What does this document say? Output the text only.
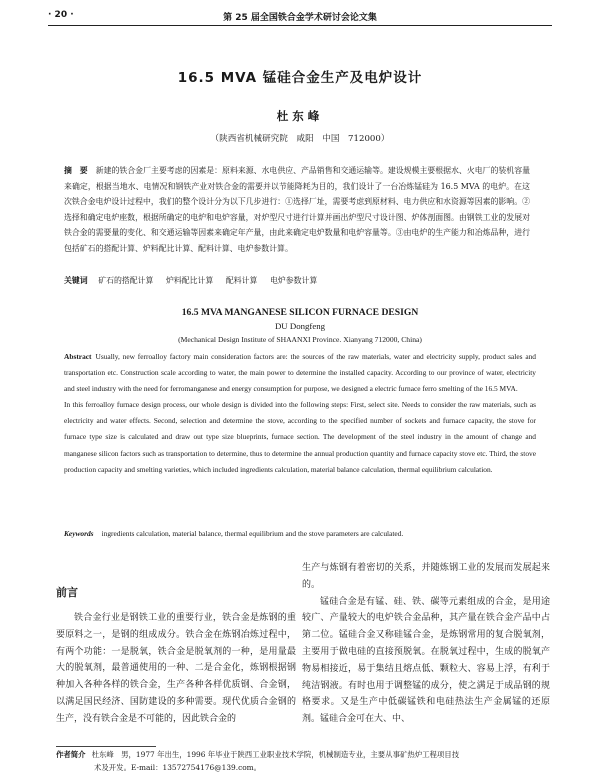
· 20 ·	第 25 届全国铁合金学术研讨会论文集
16.5 MVA 锰硅合金生产及电炉设计
杜东峰
（陕西省机械研究院　咸阳　中国　712000）
摘　要 新建的铁合金厂主要考虑的因素是：原料来源、水电供应、产品销售和交通运输等。建设规模主要根据水、火电厂的装机容量来确定，根据当地水、电情况和钢铁产业对铁合金的需要并以节能降耗为目的，我们设计了一台冶炼锰硅为 16.5 MVA 的电炉。在这次铁合金电炉设计过程中，我们的整个设计分为以下几步进行：①选择厂址，需要考虑到原材料、电力供应和水资源等因素的影响。②选择和确定电炉座数，根据所确定的电炉和电炉容量，对炉型尺寸进行计算并画出炉型尺寸设计图、炉体剖面图。由钢铁工业的发展对铁合金的需要量的变化、和交通运输等因素来确定年产量，由此来确定电炉数量和电炉容量等。③由电炉的生产能力和冶炼品种，进行包括矿石的搭配计算、炉料配比计算、配料计算、电炉参数计算。
关键词 矿石的搭配计算 炉料配比计算 配料计算 电炉参数计算
16.5 MVA MANGANESE SILICON FURNACE DESIGN
DU Dongfeng
(Mechanical Design Institute of SHAANXI Province. Xianyang 712000, China)

Abstract Usually, new ferroalloy factory main consideration factors are: the sources of the raw materials, water and electricity supply, product sales and transportation etc. Construction scale according to water, the main power to determine the installed capacity. According to our province of water, electricity and steel industry with the need for ferromanganese and energy consumption for purpose, we designed a electric furnace ferro smelting of the 16.5 MVA.

In this ferroalloy furnace design process, our whole design is divided into the following steps: First, select site. Needs to consider the raw materials, such as electricity and water effects. Second, selection and determine the stove, according to the specified number of sockets and furnace capacity, the stove for furnace type size is calculated and draw out type size blueprints, furnace section. The development of the steel industry in the amount of change and manganese silicon factors such as transportation to determine, thus to determine the annual production quantity and furnace capacity stove etc. Third, the stove production capacity and smelting varieties, which included ingredients calculation, material balance calculation, thermal equilibrium calculation.

Keywords ingredients calculation, material balance, thermal equilibrium and the stove parameters are calculated.
前言

铁合金行业是钢铁工业的重要行业，铁合金是炼钢的重要原料之一，是钢的组成成分。铁合金在炼钢冶炼过程中，有两个功能：一是脱氧，铁合金是脱氧剂的一种，是用量最大的脱氧剂，最普通使用的一种、二是合金化，炼钢根据钢种加入各种各样的铁合金，生产各种各样优质钢、合金钢，以满足国民经济、国防建设的多种需要。现代优质合金钢的生产，没有铁合金是不可能的，因此铁合金的

生产与炼钢有着密切的关系，并随炼钢工业的发展而发展起来的。

锰硅合金是有锰、硅、铁、碳等元素组成的合金，是用途较广、产量较大的电炉铁合金品种，其产量在铁合金产品中占第二位。锰硅合金又称硅锰合金，是炼钢常用的复合脱氧剂，主要用于做电硅的直接预脱氧。在脱氧过程中，生成的脱氧产物易相接近，易于集结且熔点低、颗粒大、容易上浮，有利于纯洁钢液。有时也用于调整锰的成分，使之满足于成品钢的规格要求。又是生产中低碳锰铁和电硅热法生产金属锰的还原剂。锰硅合金可在大、中、

作者简介 杜东峰　男，1977 年出生，1996 年毕业于陕西工业职业技术学院，机械制造专业，主要从事矿热炉工程项目技
术及开发。E-mail：13572754176@139.com。
